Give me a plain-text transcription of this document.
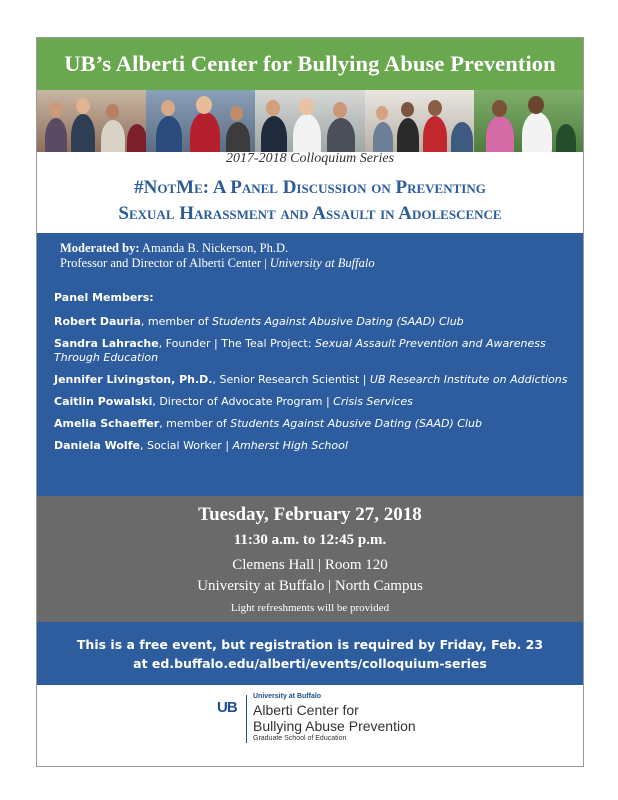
UB’s Alberti Center for Bullying Abuse Prevention
2017-2018 Colloquium Series
#NotMe: A Panel Discussion on Preventing
Sexual Harassment and Assault in Adolescence
Moderated by: Amanda B. Nickerson, Ph.D.
Professor and Director of Alberti Center | University at Buffalo
Panel Members:
Robert Dauria, member of Students Against Abusive Dating (SAAD) Club
Sandra Lahrache, Founder | The Teal Project: Sexual Assault Prevention and Awareness Through Education
Jennifer Livingston, Ph.D., Senior Research Scientist | UB Research Institute on Addictions
Caitlin Powalski, Director of Advocate Program | Crisis Services
Amelia Schaeffer, member of Students Against Abusive Dating (SAAD) Club
Daniela Wolfe, Social Worker | Amherst High School
Tuesday, February 27, 2018
11:30 a.m. to 12:45 p.m.
Clemens Hall | Room 120
University at Buffalo | North Campus
Light refreshments will be provided
This is a free event, but registration is required by Friday, Feb. 23
at ed.buffalo.edu/alberti/events/colloquium-series
UB
University at Buffalo
Alberti Center for
Bullying Abuse Prevention
Graduate School of Education
